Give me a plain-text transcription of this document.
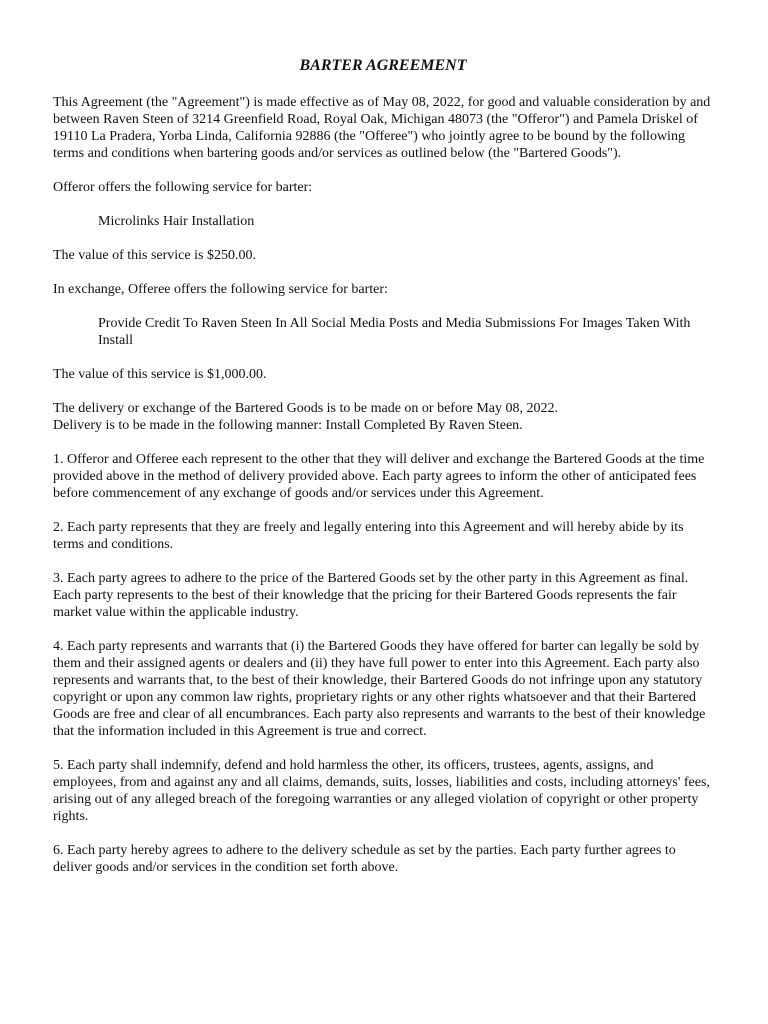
BARTER AGREEMENT

This Agreement (the "Agreement") is made effective as of May 08, 2022, for good and valuable consideration by and between Raven Steen of 3214 Greenfield Road, Royal Oak, Michigan 48073 (the "Offeror") and Pamela Driskel of 19110 La Pradera, Yorba Linda, California 92886 (the "Offeree") who jointly agree to be bound by the following terms and conditions when bartering goods and/or services as outlined below (the "Bartered Goods").

Offeror offers the following service for barter:

Microlinks Hair Installation

The value of this service is $250.00.

In exchange, Offeree offers the following service for barter:

Provide Credit To Raven Steen In All Social Media Posts and Media Submissions For Images Taken With Install

The value of this service is $1,000.00.

The delivery or exchange of the Bartered Goods is to be made on or before May 08, 2022.

Delivery is to be made in the following manner: Install Completed By Raven Steen.

1. Offeror and Offeree each represent to the other that they will deliver and exchange the Bartered Goods at the time provided above in the method of delivery provided above. Each party agrees to inform the other of anticipated fees before commencement of any exchange of goods and/or services under this Agreement.

2. Each party represents that they are freely and legally entering into this Agreement and will hereby abide by its terms and conditions.

3. Each party agrees to adhere to the price of the Bartered Goods set by the other party in this Agreement as final. Each party represents to the best of their knowledge that the pricing for their Bartered Goods represents the fair market value within the applicable industry.

4. Each party represents and warrants that (i) the Bartered Goods they have offered for barter can legally be sold by them and their assigned agents or dealers and (ii) they have full power to enter into this Agreement. Each party also represents and warrants that, to the best of their knowledge, their Bartered Goods do not infringe upon any statutory copyright or upon any common law rights, proprietary rights or any other rights whatsoever and that their Bartered Goods are free and clear of all encumbrances. Each party also represents and warrants to the best of their knowledge that the information included in this Agreement is true and correct.

5. Each party shall indemnify, defend and hold harmless the other, its officers, trustees, agents, assigns, and employees, from and against any and all claims, demands, suits, losses, liabilities and costs, including attorneys' fees, arising out of any alleged breach of the foregoing warranties or any alleged violation of copyright or other property rights.

6. Each party hereby agrees to adhere to the delivery schedule as set by the parties. Each party further agrees to deliver goods and/or services in the condition set forth above.
